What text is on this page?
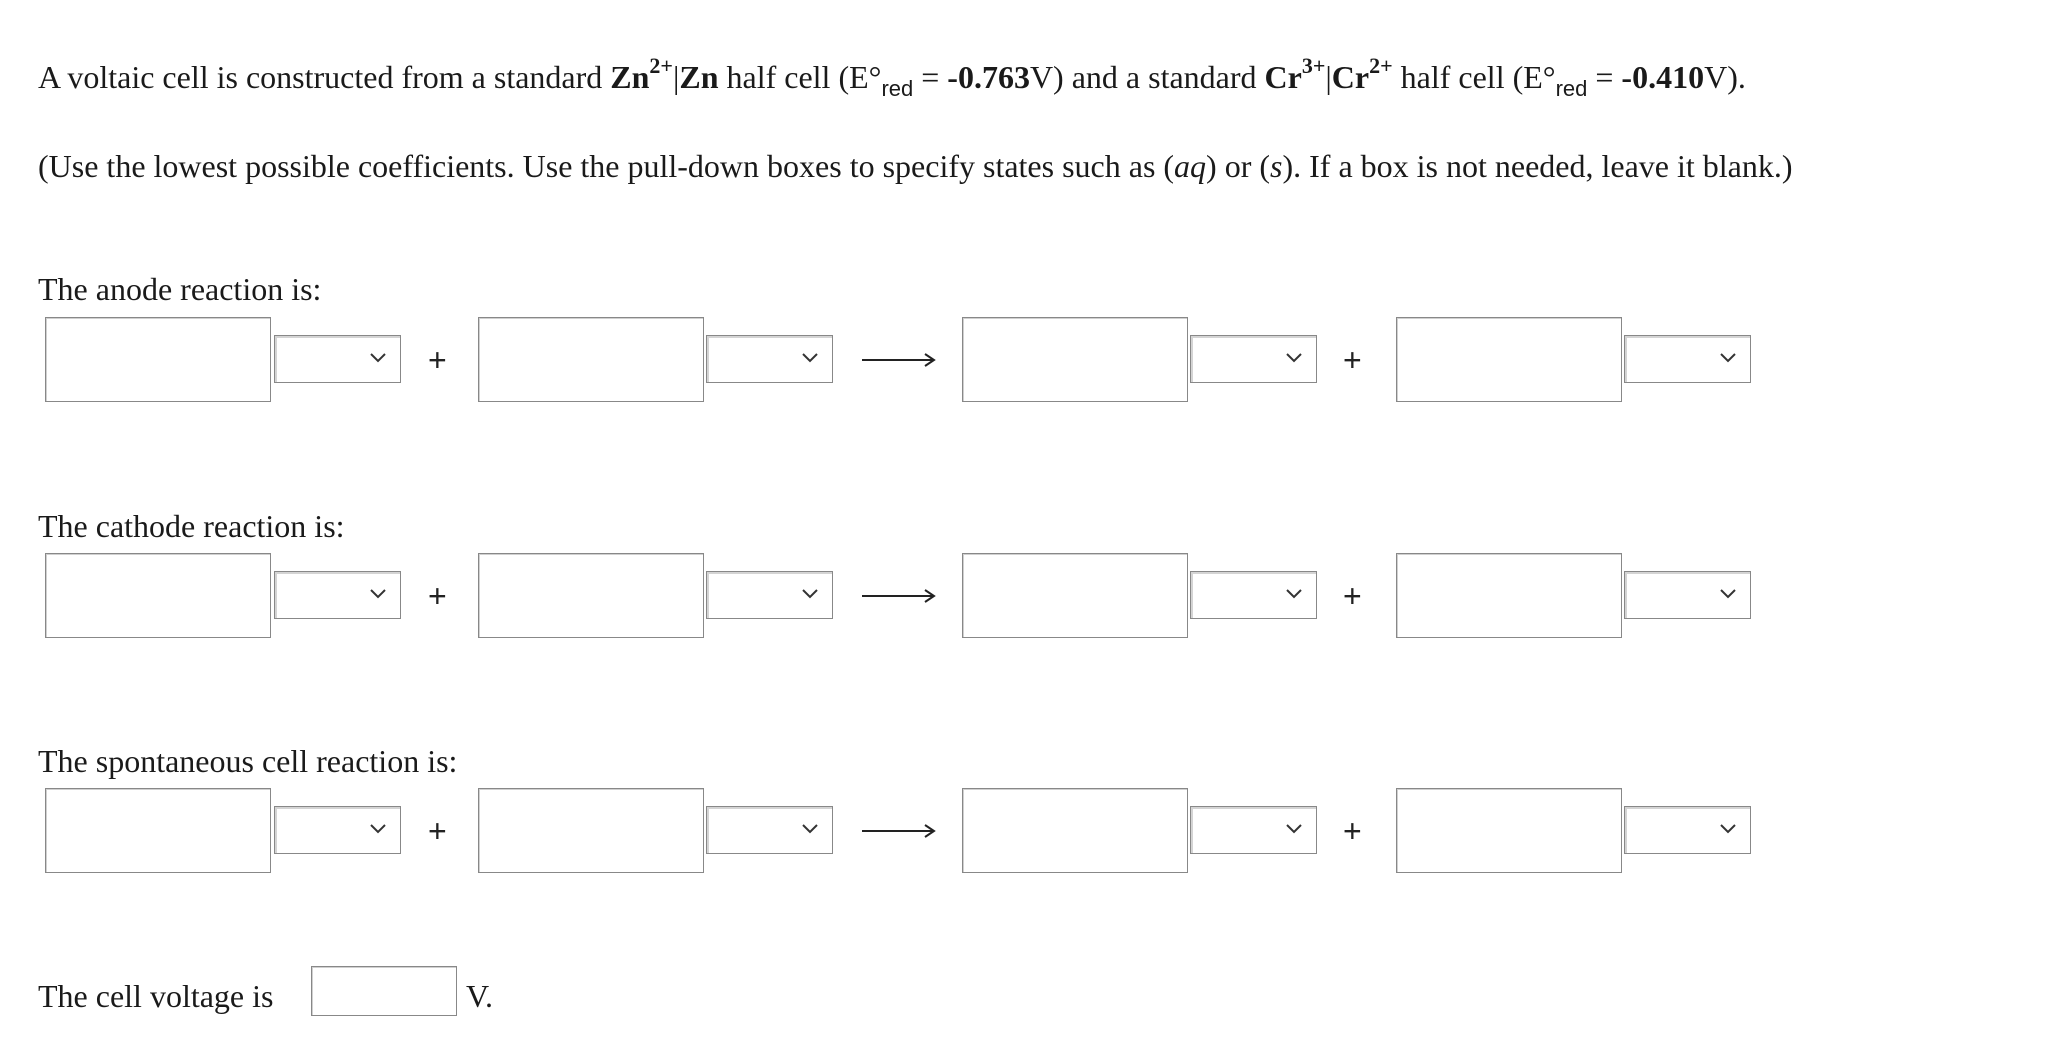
A voltaic cell is constructed from a standard $Zn^{2+}|Zn$ half cell $(E^\circ_{red} = -0.763V)$ and a standard $Cr^{3+}|Cr^{2+}$ half cell $(E^\circ_{red} = -0.410V)$.
(Use the lowest possible coefficients. Use the pull-down boxes to specify states such as (aq) or (s). If a box is not needed, leave it blank.)
The anode reaction is:
The cathode reaction is:
The spontaneous cell reaction is:
+	+
+	+
+	+
The cell voltage is	V.
